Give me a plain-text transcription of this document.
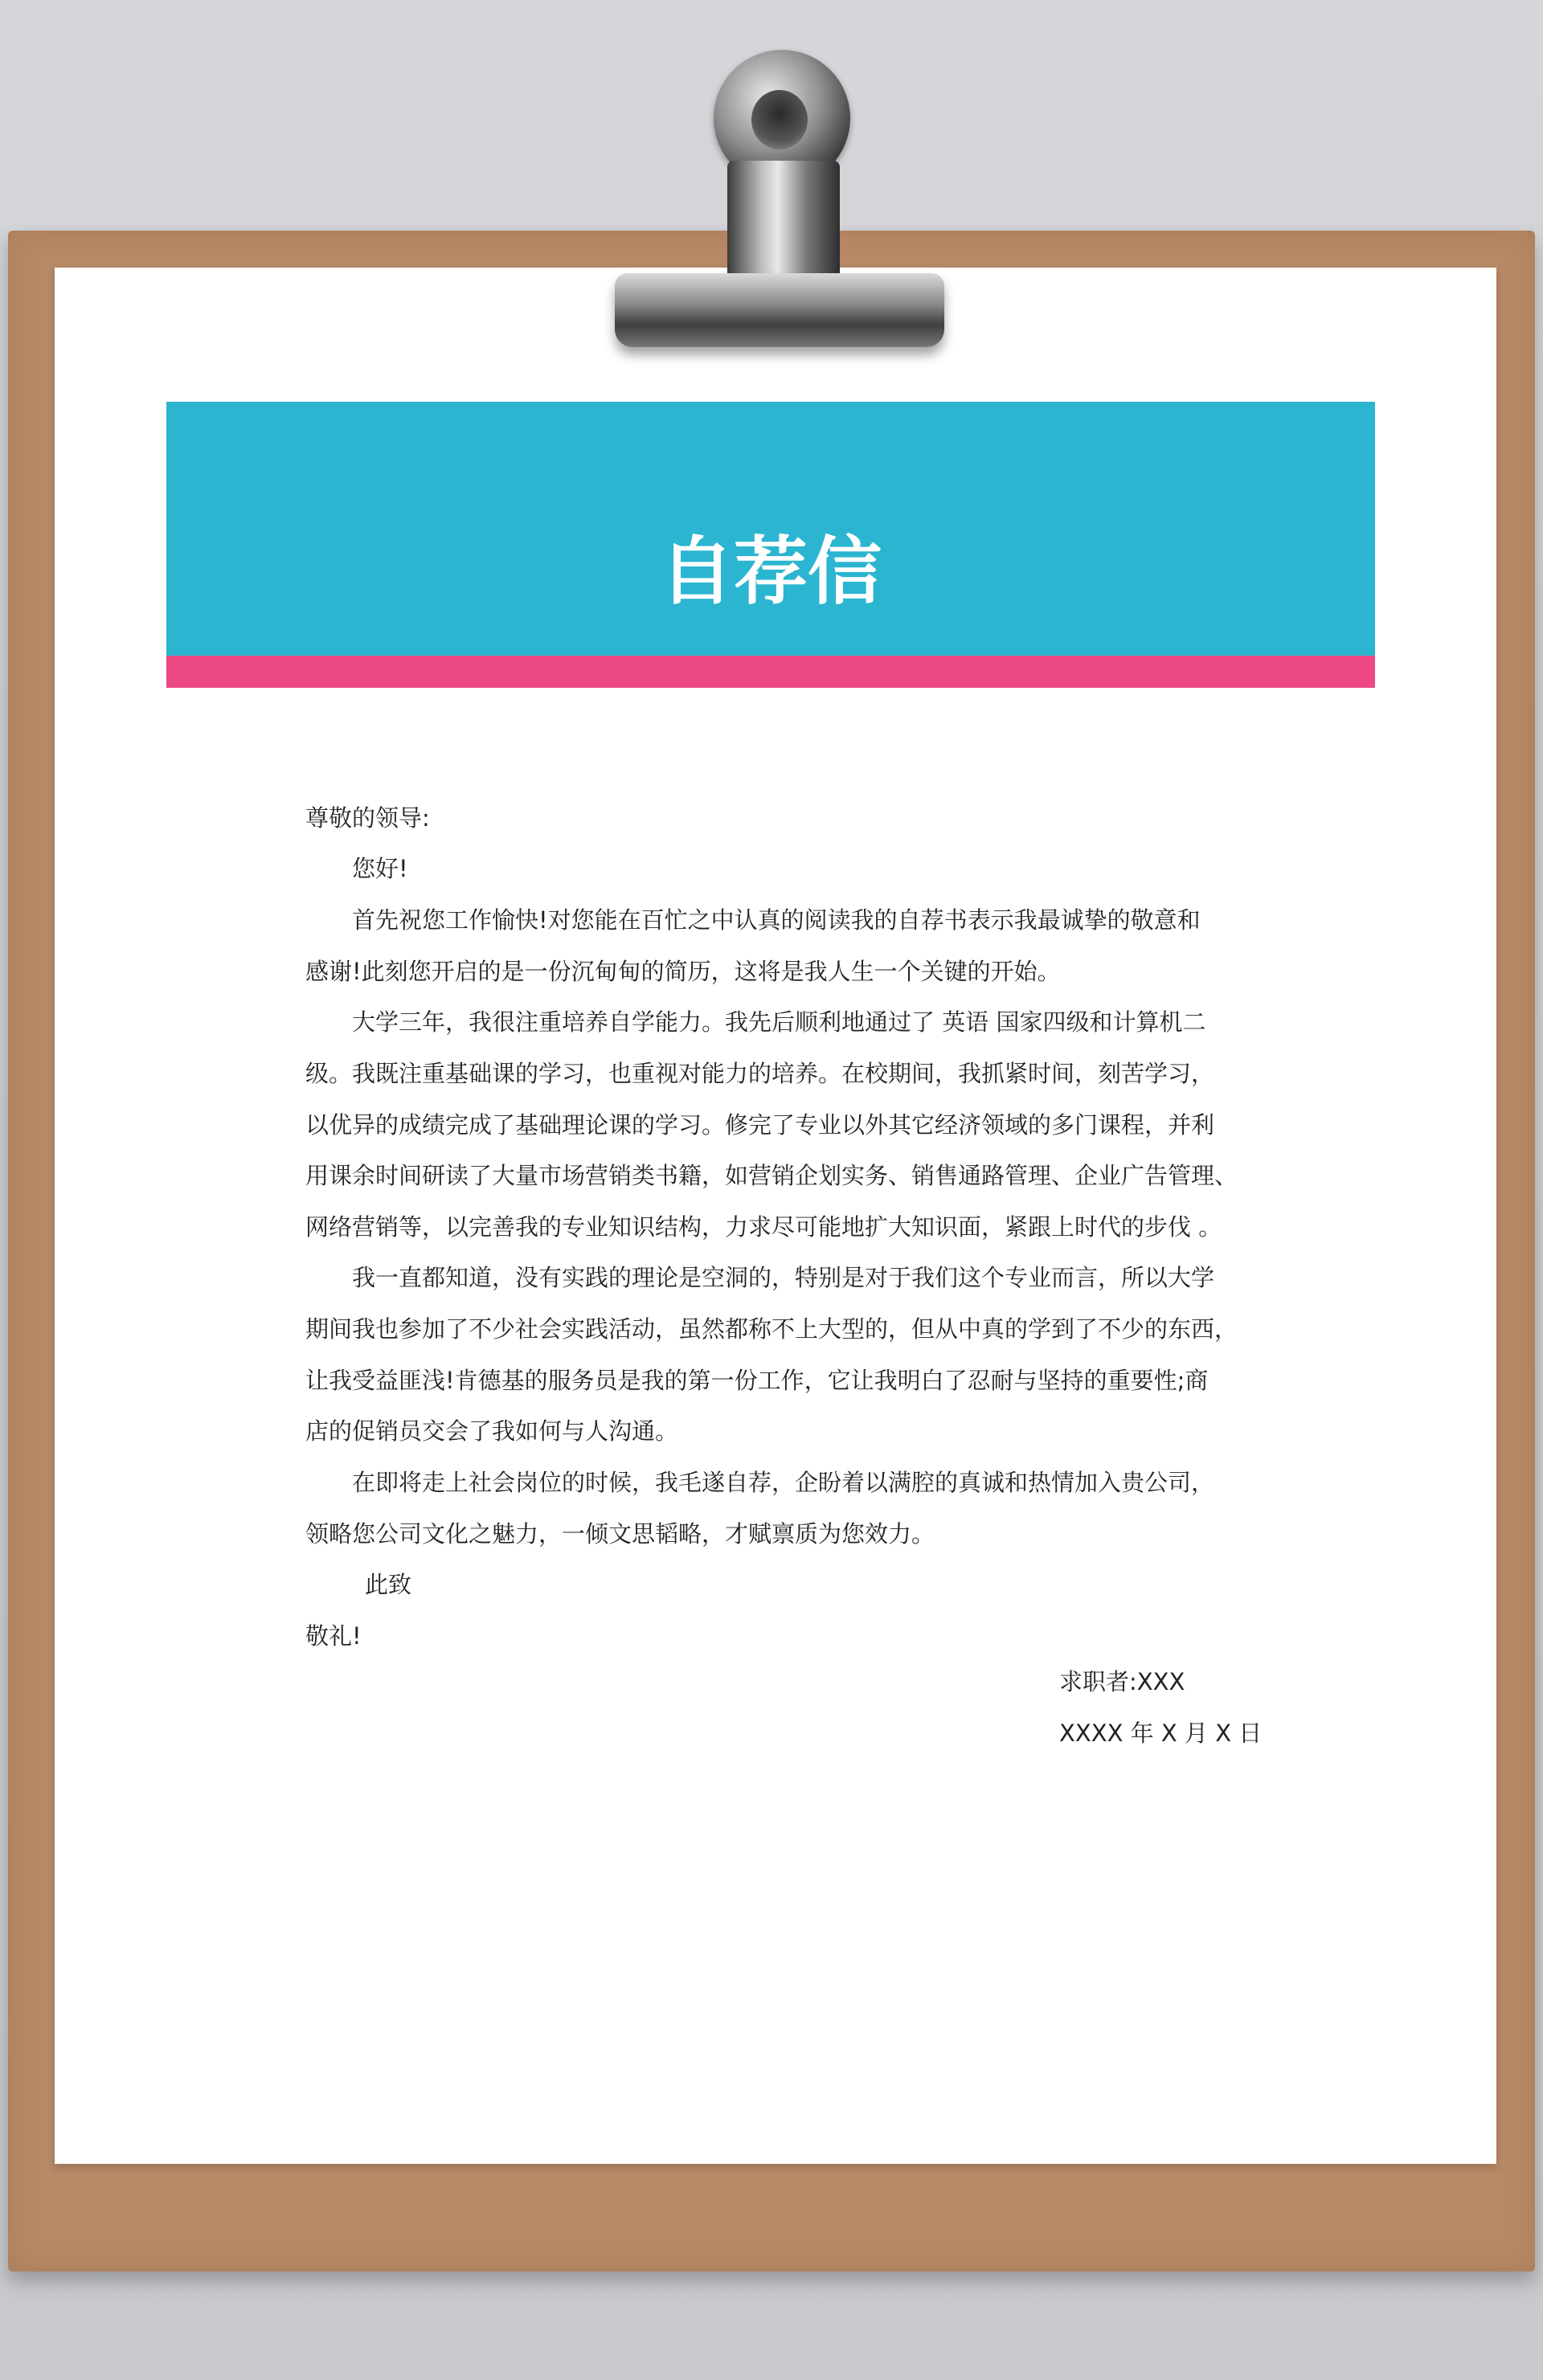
自荐信
尊敬的领导:
您好!
首先祝您工作愉快!对您能在百忙之中认真的阅读我的自荐书表示我最诚挚的敬意和
感谢!此刻您开启的是一份沉甸甸的简历，这将是我人生一个关键的开始。
大学三年，我很注重培养自学能力。我先后顺利地通过了 英语 国家四级和计算机二
级。我既注重基础课的学习，也重视对能力的培养。在校期间，我抓紧时间，刻苦学习，
以优异的成绩完成了基础理论课的学习。修完了专业以外其它经济领域的多门课程，并利
用课余时间研读了大量市场营销类书籍，如营销企划实务、销售通路管理、企业广告管理、
网络营销等，以完善我的专业知识结构，力求尽可能地扩大知识面，紧跟上时代的步伐 。
我一直都知道，没有实践的理论是空洞的，特别是对于我们这个专业而言，所以大学
期间我也参加了不少社会实践活动，虽然都称不上大型的，但从中真的学到了不少的东西，
让我受益匪浅!肯德基的服务员是我的第一份工作，它让我明白了忍耐与坚持的重要性;商
店的促销员交会了我如何与人沟通。
在即将走上社会岗位的时候，我毛遂自荐，企盼着以满腔的真诚和热情加入贵公司，
领略您公司文化之魅力，一倾文思韬略，才赋禀质为您效力。
此致
敬礼!
求职者:XXX
XXXX 年 X 月 X 日
